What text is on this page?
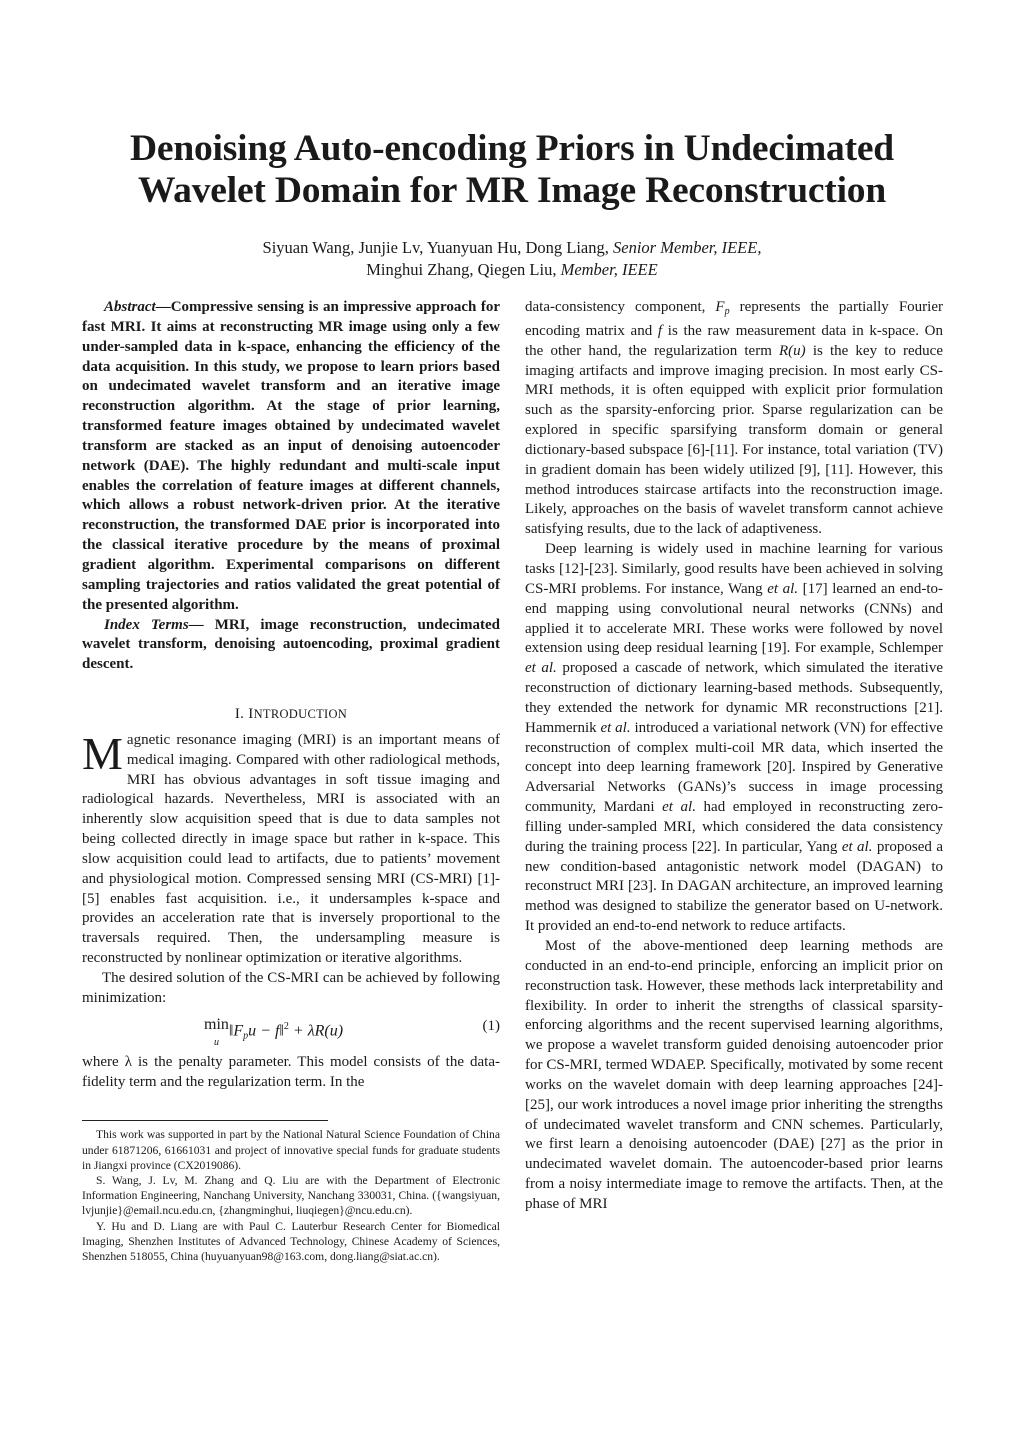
Denoising Auto-encoding Priors in Undecimated
Wavelet Domain for MR Image Reconstruction
Siyuan Wang, Junjie Lv, Yuanyuan Hu, Dong Liang, Senior Member, IEEE,
Minghui Zhang, Qiegen Liu, Member, IEEE

Abstract—Compressive sensing is an impressive approach for fast MRI. It aims at reconstructing MR image using only a few under-sampled data in k-space, enhancing the efficiency of the data acquisition. In this study, we propose to learn priors based on undecimated wavelet transform and an iterative image reconstruction algorithm. At the stage of prior learning, transformed feature images obtained by undecimated wavelet transform are stacked as an input of denoising autoencoder network (DAE). The highly redundant and multi-scale input enables the correlation of feature images at different channels, which allows a robust network-driven prior. At the iterative reconstruction, the transformed DAE prior is incorporated into the classical iterative procedure by the means of proximal gradient algorithm. Experimental comparisons on different sampling trajectories and ratios validated the great potential of the presented algorithm.

Index Terms— MRI, image reconstruction, undecimated wavelet transform, denoising autoencoding, proximal gradient descent.

I. INTRODUCTION

Magnetic resonance imaging (MRI) is an important means of medical imaging. Compared with other radiological methods, MRI has obvious advantages in soft tissue imaging and radiological hazards. Nevertheless, MRI is associated with an inherently slow acquisition speed that is due to data samples not being collected directly in image space but rather in k-space. This slow acquisition could lead to artifacts, due to patients’ movement and physiological motion. Compressed sensing MRI (CS-MRI) [1]-[5] enables fast acquisition. i.e., it undersamples k-space and provides an acceleration rate that is inversely proportional to the traversals required. Then, the undersampling measure is reconstructed by nonlinear optimization or iterative algorithms.

The desired solution of the CS-MRI can be achieved by following minimization:

min
$u‖F_pu$ − f‖$^2$ + λR(u)	(1)

where λ is the penalty parameter. This model consists of the data-fidelity term and the regularization term. In the

This work was supported in part by the National Natural Science Foundation of China under 61871206, 61661031 and project of innovative special funds for graduate students in Jiangxi province (CX2019086).

S. Wang, J. Lv, M. Zhang and Q. Liu are with the Department of Electronic Information Engineering, Nanchang University, Nanchang 330031, China. ({wangsiyuan, lvjunjie}@email.ncu.edu.cn, {zhangminghui, liuqiegen}@ncu.edu.cn).

Y. Hu and D. Liang are with Paul C. Lauterbur Research Center for Biomedical Imaging, Shenzhen Institutes of Advanced Technology, Chinese Academy of Sciences, Shenzhen 518055, China (huyuanyuan98@163.com, dong.liang@siat.ac.cn).

data-consistency component, $F_p$ represents the partially Fourier encoding matrix and f is the raw measurement data in k-space. On the other hand, the regularization term R(u) is the key to reduce imaging artifacts and improve imaging precision. In most early CS-MRI methods, it is often equipped with explicit prior formulation such as the sparsity-enforcing prior. Sparse regularization can be explored in specific sparsifying transform domain or general dictionary-based subspace [6]-[11]. For instance, total variation (TV) in gradient domain has been widely utilized [9], [11]. However, this method introduces staircase artifacts into the reconstruction image. Likely, approaches on the basis of wavelet transform cannot achieve satisfying results, due to the lack of adaptiveness.

Deep learning is widely used in machine learning for various tasks [12]-[23]. Similarly, good results have been achieved in solving CS-MRI problems. For instance, Wang et al. [17] learned an end-to-end mapping using convolutional neural networks (CNNs) and applied it to accelerate MRI. These works were followed by novel extension using deep residual learning [19]. For example, Schlemper et al. proposed a cascade of network, which simulated the iterative reconstruction of dictionary learning-based methods. Subsequently, they extended the network for dynamic MR reconstructions [21]. Hammernik et al. introduced a variational network (VN) for effective reconstruction of complex multi-coil MR data, which inserted the concept into deep learning framework [20]. Inspired by Generative Adversarial Networks (GANs)’s success in image processing community, Mardani et al. had employed in reconstructing zero-filling under-sampled MRI, which considered the data consistency during the training process [22]. In particular, Yang et al. proposed a new condition-based antagonistic network model (DAGAN) to reconstruct MRI [23]. In DAGAN architecture, an improved learning method was designed to stabilize the generator based on U-network. It provided an end-to-end network to reduce artifacts.

Most of the above-mentioned deep learning methods are conducted in an end-to-end principle, enforcing an implicit prior on reconstruction task. However, these methods lack interpretability and flexibility. In order to inherit the strengths of classical sparsity-enforcing algorithms and the recent supervised learning algorithms, we propose a wavelet transform guided denoising autoencoder prior for CS-MRI, termed WDAEP. Specifically, motivated by some recent works on the wavelet domain with deep learning approaches [24]-[25], our work introduces a novel image prior inheriting the strengths of undecimated wavelet transform and CNN schemes. Particularly, we first learn a denoising autoencoder (DAE) [27] as the prior in undecimated wavelet domain. The autoencoder-based prior learns from a noisy intermediate image to remove the artifacts. Then, at the phase of MRI
